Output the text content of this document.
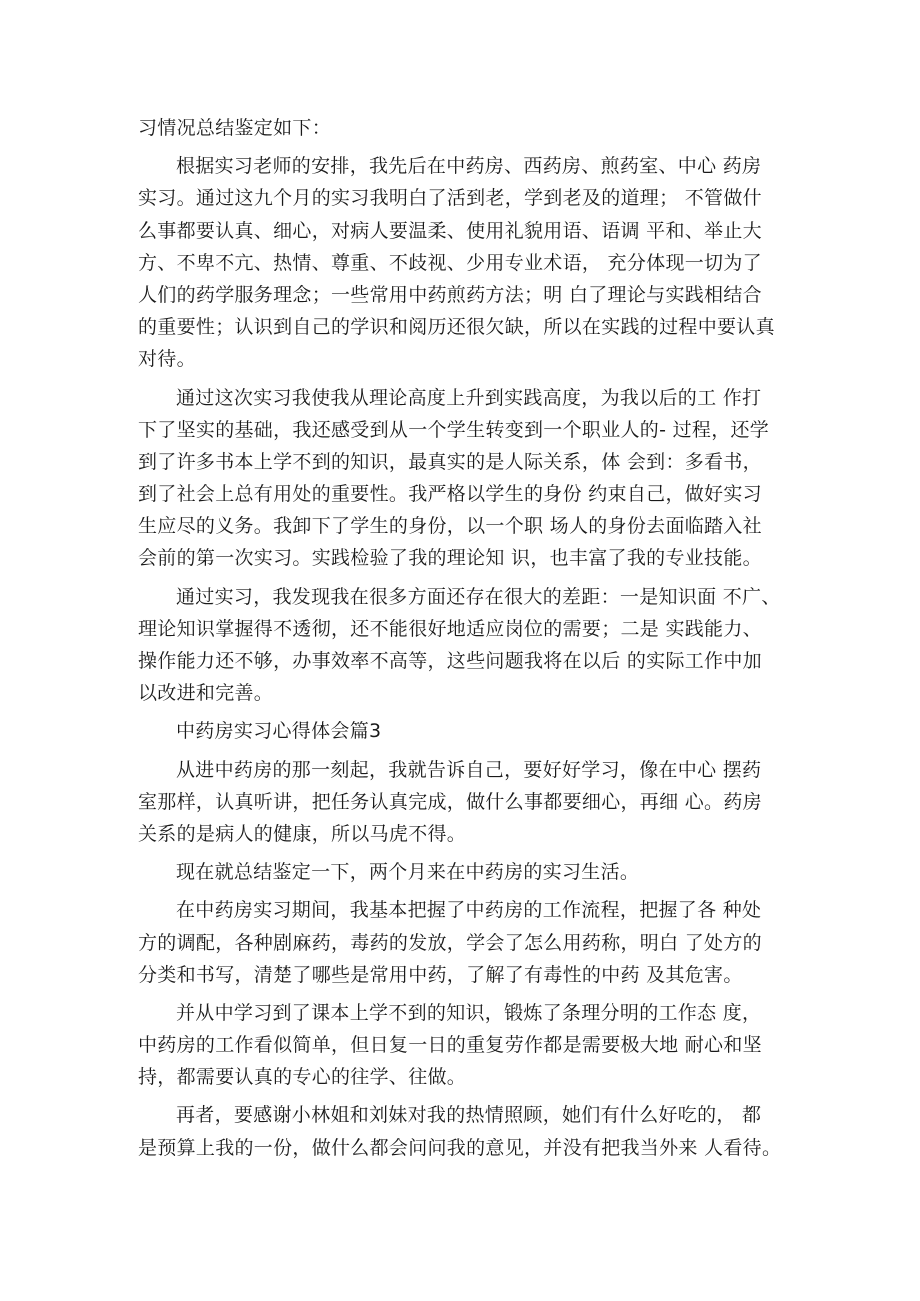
习情况总结鉴定如下：
根据实习老师的安排，我先后在中药房、西药房、煎药室、中心 药房
实习。通过这九个月的实习我明白了活到老，学到老及的道理； 不管做什
么事都要认真、细心，对病人要温柔、使用礼貌用语、语调 平和、举止大
方、不卑不亢、热情、尊重、不歧视、少用专业术语， 充分体现一切为了
人们的药学服务理念；一些常用中药煎药方法；明 白了理论与实践相结合
的重要性；认识到自己的学识和阅历还很欠缺，所以在实践的过程中要认真
对待。
通过这次实习我使我从理论高度上升到实践高度，为我以后的工 作打
下了坚实的基础，我还感受到从一个学生转变到一个职业人的- 过程，还学
到了许多书本上学不到的知识，最真实的是人际关系，体 会到：多看书，
到了社会上总有用处的重要性。我严格以学生的身份 约束自己，做好实习
生应尽的义务。我卸下了学生的身份，以一个职 场人的身份去面临踏入社
会前的第一次实习。实践检验了我的理论知 识，也丰富了我的专业技能。
通过实习，我发现我在很多方面还存在很大的差距：一是知识面 不广、
理论知识掌握得不透彻，还不能很好地适应岗位的需要；二是 实践能力、
操作能力还不够，办事效率不高等，这些问题我将在以后 的实际工作中加
以改进和完善。
中药房实习心得体会篇3
从进中药房的那一刻起，我就告诉自己，要好好学习，像在中心 摆药
室那样，认真听讲，把任务认真完成，做什么事都要细心，再细 心。药房
关系的是病人的健康，所以马虎不得。
现在就总结鉴定一下，两个月来在中药房的实习生活。
在中药房实习期间，我基本把握了中药房的工作流程，把握了各 种处
方的调配，各种剧麻药，毒药的发放，学会了怎么用药称，明白 了处方的
分类和书写，清楚了哪些是常用中药，了解了有毒性的中药 及其危害。
并从中学习到了课本上学不到的知识，锻炼了条理分明的工作态 度，
中药房的工作看似简单，但日复一日的重复劳作都是需要极大地 耐心和坚
持，都需要认真的专心的往学、往做。
再者，要感谢小林姐和刘妹对我的热情照顾，她们有什么好吃的， 都
是预算上我的一份，做什么都会问问我的意见，并没有把我当外来 人看待。
